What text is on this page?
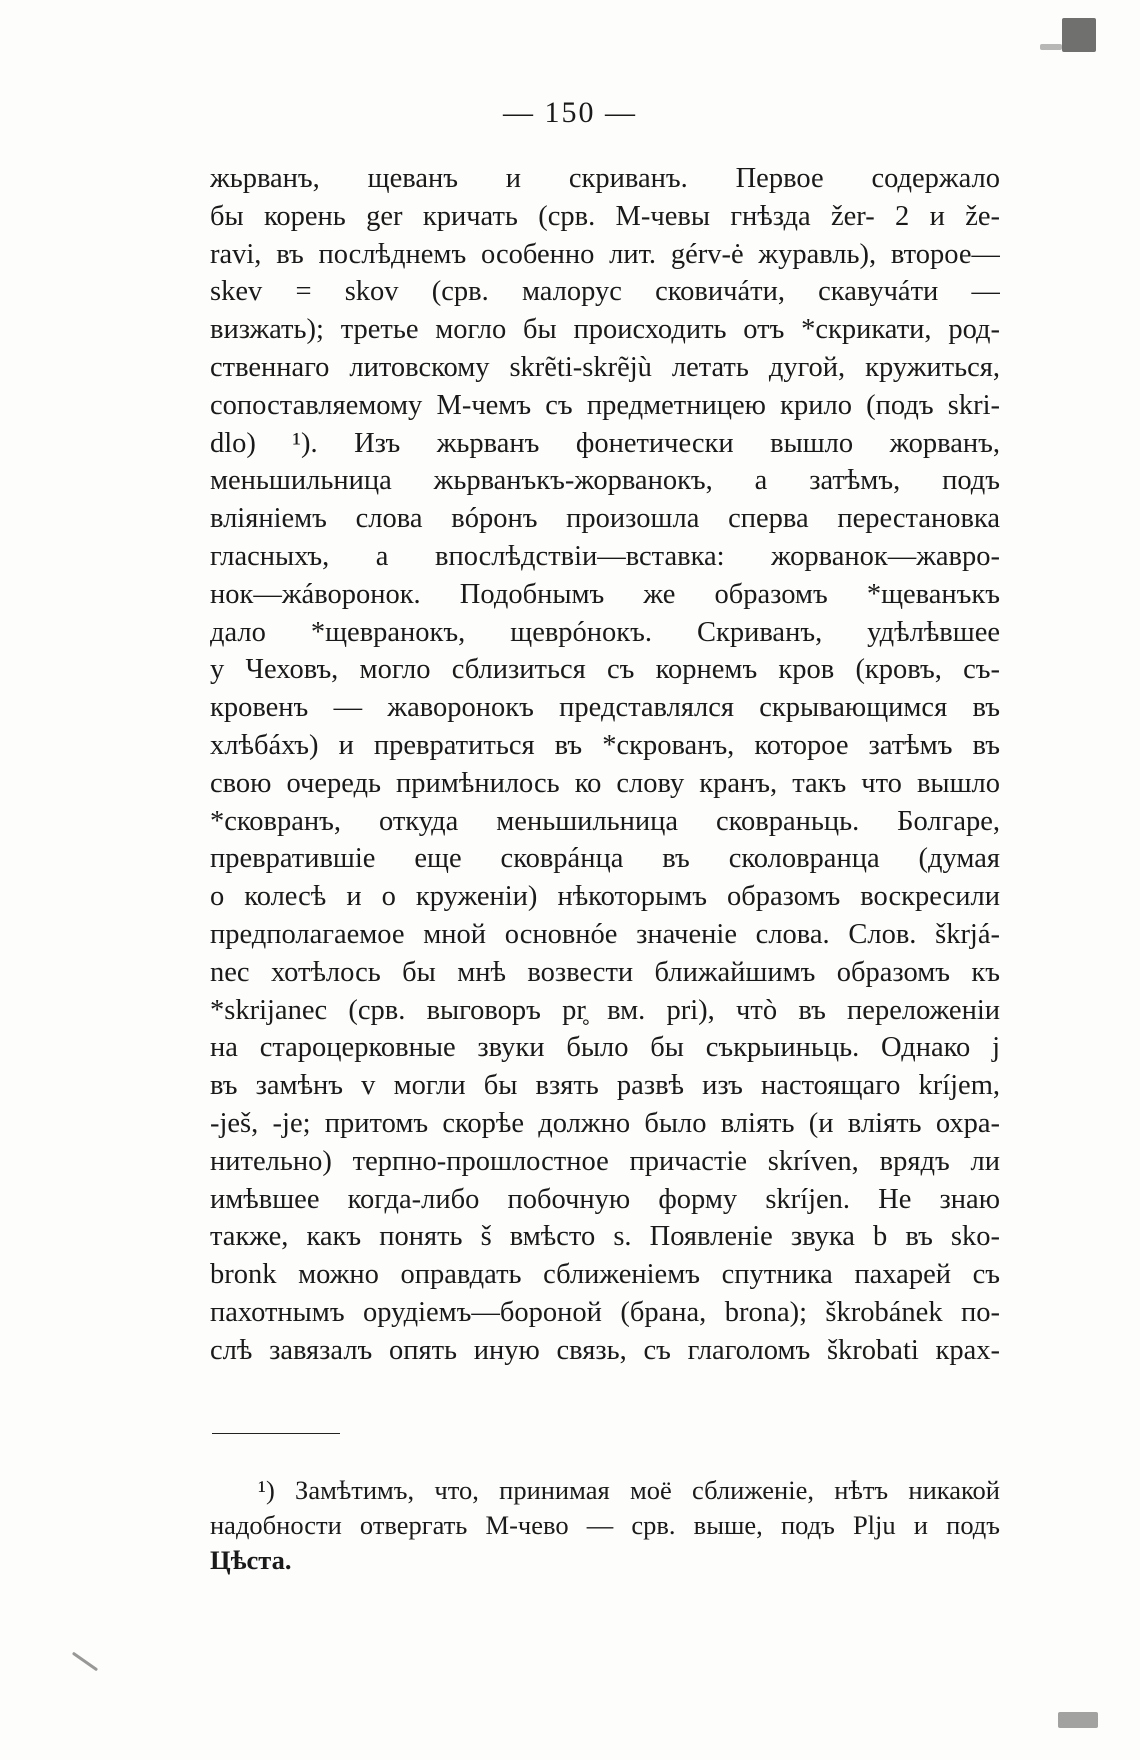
— 150 —
жьрванъ, щеванъ и скриванъ. Первое содержало
бы корень ger кричать (срв. М-чевы гнѣзда žer- 2 и že-
ravi, въ послѣднемъ особенно лит. gérv-ė журавль), второе—
skev = skov (срв. малорус сковичáти, скавучáти —
визжать); третье могло бы происходить отъ *скрикати, род-
ственнаго литовскому skrẽti-skrẽjù летать дугой, кружиться,
сопоставляемому М-чемъ съ предметницею крило (подъ skri-
dlo) ¹). Изъ жьрванъ фонетически вышло жорванъ,
меньшильница жьрванъкъ-жорванокъ, а затѣмъ, подъ
вліяніемъ слова вóронъ произошла сперва перестановка
гласныхъ, а впослѣдствіи—вставка: жорванок—жавро-
нок—жáворонок. Подобнымъ же образомъ *щеванъкъ
дало *щевранокъ, щеврóнокъ. Скриванъ, удѣлѣвшее
у Чеховъ, могло сблизиться съ корнемъ кров (кровъ, съ-
кровенъ — жаворонокъ представлялся скрывающимся въ
хлѣбáхъ) и превратиться въ *скрованъ, которое затѣмъ въ
свою очередь примѣнилось ко слову кранъ, такъ что вышло
*сковранъ, откуда меньшильница сковраньць. Болгаре,
превратившіе еще сковрáнца въ сколовранца (думая
о колесѣ и о круженіи) нѣкоторымъ образомъ воскресили
предполагаемое мной основнóе значеніе слова. Слов. škrjá-
nec хотѣлось бы мнѣ возвести ближайшимъ образомъ къ
*skrijanec (срв. выговоръ pr̥ вм. pri), чтò въ переложеніи
на староцерковные звуки было бы съкрыиньць. Однако j
въ замѣнъ v могли бы взять развѣ изъ настоящаго kríjem,
-ješ, -je; притомъ скорѣе должно было вліять (и вліять охра-
нительно) терпно-прошлостное причастіе skríven, врядъ ли
имѣвшее когда-либо побочную форму skríjen. Не знаю
также, какъ понять š вмѣсто s. Появленіе звука b въ sko-
bronk можно оправдать сближеніемъ спутника пахарей съ
пахотнымъ орудіемъ—бороной (брана, brona); škrobánek по-
слѣ завязалъ опять иную связь, съ глаголомъ škrobati крах-
¹) Замѣтимъ, что, принимая моё сближеніе, нѣтъ никакой
надобности отвергать М-чево — срв. выше, подъ Plju и подъ
Цѣста.
